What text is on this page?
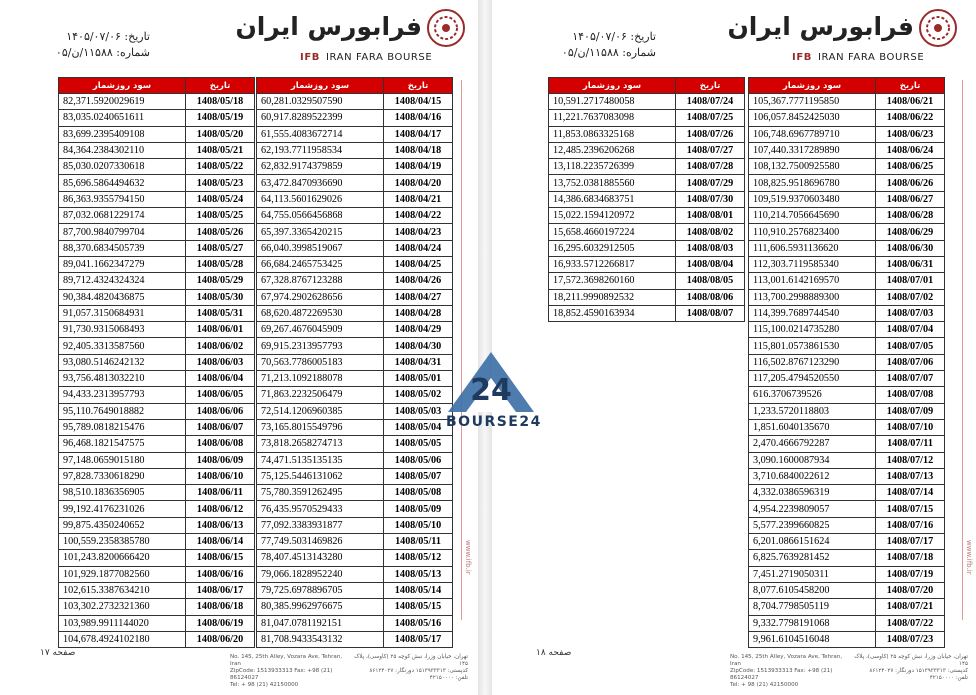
تاریخ: ۱۴۰۵/۰۷/۰۶
شماره: ۱۱۵۸۸/ن/۰۵
فرابورس ایران
IFB IRAN FARA BOURSE
سود روزشمار	تاریخ
82,371.5920029619	1408/05/18
83,035.0240651611	1408/05/19
83,699.2395409108	1408/05/20
84,364.2384302110	1408/05/21
85,030.0207330618	1408/05/22
85,696.5864494632	1408/05/23
86,363.9355794150	1408/05/24
87,032.0681229174	1408/05/25
87,700.9840799704	1408/05/26
88,370.6834505739	1408/05/27
89,041.1662347279	1408/05/28
89,712.4324324324	1408/05/29
90,384.4820436875	1408/05/30
91,057.3150684931	1408/05/31
91,730.9315068493	1408/06/01
92,405.3313587560	1408/06/02
93,080.5146242132	1408/06/03
93,756.4813032210	1408/06/04
94,433.2313957793	1408/06/05
95,110.7649018882	1408/06/06
95,789.0818215476	1408/06/07
96,468.1821547575	1408/06/08
97,148.0659015180	1408/06/09
97,828.7330618290	1408/06/10
98,510.1836356905	1408/06/11
99,192.4176231026	1408/06/12
99,875.4350240652	1408/06/13
100,559.2358385780	1408/06/14
101,243.8200666420	1408/06/15
101,929.1877082560	1408/06/16
102,615.3387634210	1408/06/17
103,302.2732321360	1408/06/18
103,989.9911144020	1408/06/19
104,678.4924102180	1408/06/20
سود روزشمار	تاریخ
60,281.0329507590	1408/04/15
60,917.8289522399	1408/04/16
61,555.4083672714	1408/04/17
62,193.7711958534	1408/04/18
62,832.9174379859	1408/04/19
63,472.8470936690	1408/04/20
64,113.5601629026	1408/04/21
64,755.0566456868	1408/04/22
65,397.3365420215	1408/04/23
66,040.3998519067	1408/04/24
66,684.2465753425	1408/04/25
67,328.8767123288	1408/04/26
67,974.2902628656	1408/04/27
68,620.4872269530	1408/04/28
69,267.4676045909	1408/04/29
69,915.2313957793	1408/04/30
70,563.7786005183	1408/04/31
71,213.1092188078	1408/05/01
71,863.2232506479	1408/05/02
72,514.1206960385	1408/05/03
73,165.8015549796	1408/05/04
73,818.2658274713	1408/05/05
74,471.5135135135	1408/05/06
75,125.5446131062	1408/05/07
75,780.3591262495	1408/05/08
76,435.9570529433	1408/05/09
77,092.3383931877	1408/05/10
77,749.5031469826	1408/05/11
78,407.4513143280	1408/05/12
79,066.1828952240	1408/05/13
79,725.6978896705	1408/05/14
80,385.9962976675	1408/05/15
81,047.0781192151	1408/05/16
81,708.9433543132	1408/05/17
صفحه ۱۷	No. 145, 25th Alley, Vozara Ave, Tehran, Iran
ZipCode: 1513933313 Fax: +98 (21) 86124027
Tel: + 98 (21) 42150000
تهران، خیابان وزرا، نبش کوچه ۲۵ (کاوسی)، پلاک ۱۴۵
کدپستی: ۱۵۱۳۹۳۳۳۱۳ دورنگار: ۸۶۱۲۴۰۲۷
تلفن: ۴۲۱۵۰۰۰۰
www.ifb.ir
تاریخ: ۱۴۰۵/۰۷/۰۶
شماره: ۱۱۵۸۸/ن/۰۵
فرابورس ایران
IFB IRAN FARA BOURSE
سود روزشمار	تاریخ
10,591.2717480058	1408/07/24
11,221.7637083098	1408/07/25
11,853.0863325168	1408/07/26
12,485.2396206268	1408/07/27
13,118.2235726399	1408/07/28
13,752.0381885560	1408/07/29
14,386.6834683751	1408/07/30
15,022.1594120972	1408/08/01
15,658.4660197224	1408/08/02
16,295.6032912505	1408/08/03
16,933.5712266817	1408/08/04
17,572.3698260160	1408/08/05
18,211.9990892532	1408/08/06
18,852.4590163934	1408/08/07
سود روزشمار	تاریخ
105,367.7771195850	1408/06/21
106,057.8452425030	1408/06/22
106,748.6967789710	1408/06/23
107,440.3317289890	1408/06/24
108,132.7500925580	1408/06/25
108,825.9518696780	1408/06/26
109,519.9370603480	1408/06/27
110,214.7056645690	1408/06/28
110,910.2576823400	1408/06/29
111,606.5931136620	1408/06/30
112,303.7119585340	1408/06/31
113,001.6142169570	1408/07/01
113,700.2998889300	1408/07/02
114,399.7689744540	1408/07/03
115,100.0214735280	1408/07/04
115,801.0573861530	1408/07/05
116,502.8767123290	1408/07/06
117,205.4794520550	1408/07/07
616.3706739526	1408/07/08
1,233.5720118803	1408/07/09
1,851.6040135670	1408/07/10
2,470.4666792287	1408/07/11
3,090.1600087934	1408/07/12
3,710.6840022612	1408/07/13
4,332.0386596319	1408/07/14
4,954.2239809057	1408/07/15
5,577.2399660825	1408/07/16
6,201.0866151624	1408/07/17
6,825.7639281452	1408/07/18
7,451.2719050311	1408/07/19
8,077.6105458200	1408/07/20
8,704.7798505119	1408/07/21
9,332.7798191068	1408/07/22
9,961.6104516048	1408/07/23
صفحه ۱۸	No. 145, 25th Alley, Vozara Ave, Tehran, Iran
ZipCode: 1513933313 Fax: +98 (21) 86124027
Tel: + 98 (21) 42150000
تهران، خیابان وزرا، نبش کوچه ۲۵ (کاوسی)، پلاک ۱۴۵
کدپستی: ۱۵۱۳۹۳۳۳۱۳ دورنگار: ۸۶۱۲۴۰۲۷
تلفن: ۴۲۱۵۰۰۰۰
www.ifb.ir
24
BOURSE24
